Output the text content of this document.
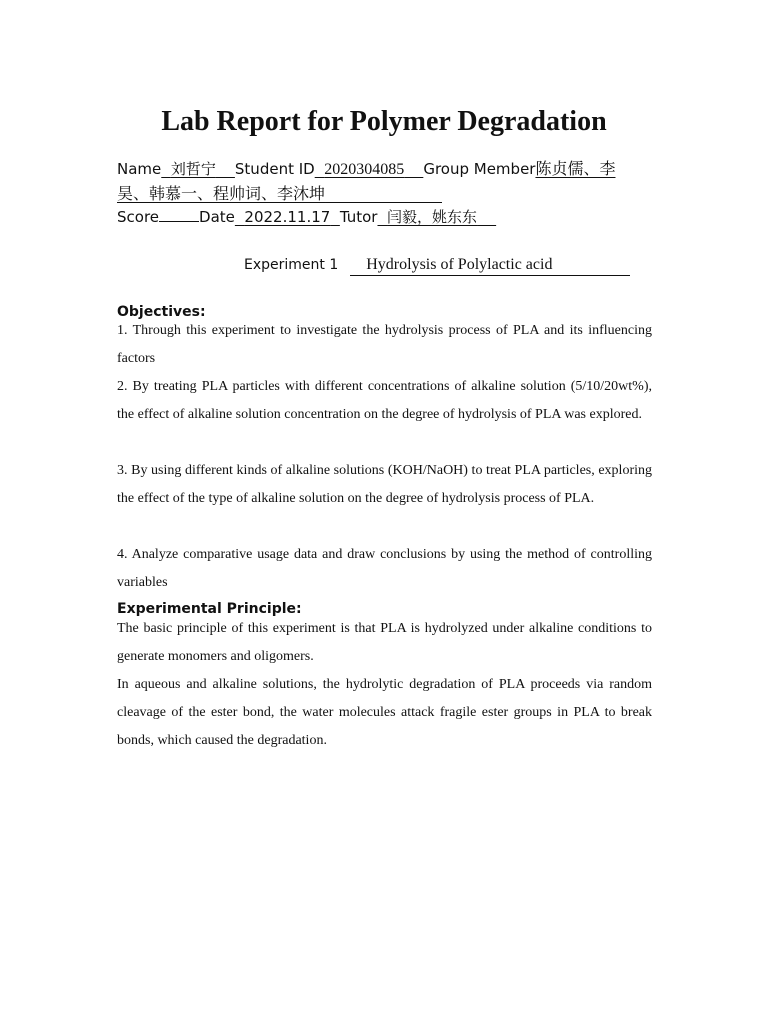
Lab Report for Polymer Degradation
Name 刘哲宁 Student ID 2020304085 Group Member陈贞儒、李
昊、韩慕一、程帅词、李沐坤
Score	Date 2022.11.17 Tutor 闫毅，姚东东
Experiment 1 Hydrolysis of Polylactic acid
Objectives:

1. Through this experiment to investigate the hydrolysis process of PLA and its influencing factors

2. By treating PLA particles with different concentrations of alkaline solution (5/10/20wt%), the effect of alkaline solution concentration on the degree of hydrolysis of PLA was explored.

3. By using different kinds of alkaline solutions (KOH/NaOH) to treat PLA particles, exploring the effect of the type of alkaline solution on the degree of hydrolysis process of PLA.

4. Analyze comparative usage data and draw conclusions by using the method of controlling variables

Experimental Principle:

The basic principle of this experiment is that PLA is hydrolyzed under alkaline conditions to generate monomers and oligomers.

In aqueous and alkaline solutions, the hydrolytic degradation of PLA proceeds via random cleavage of the ester bond, the water molecules attack fragile ester groups in PLA to break bonds, which caused the degradation.
